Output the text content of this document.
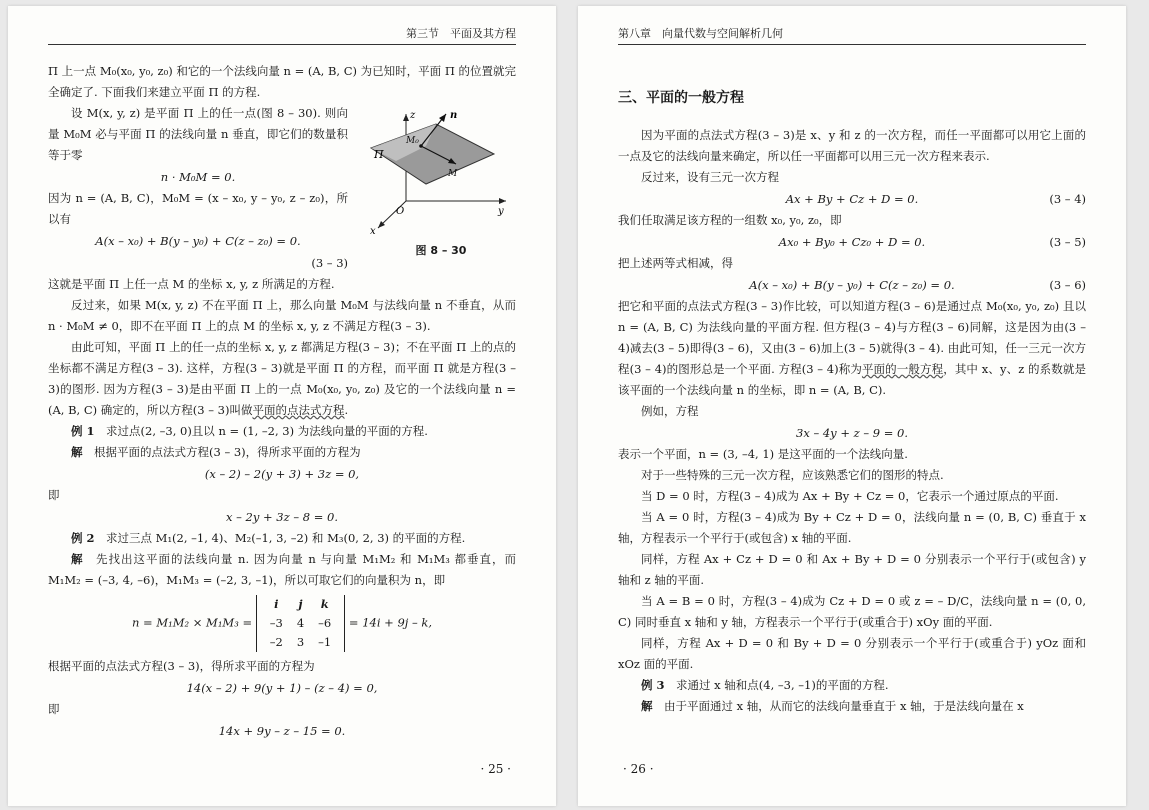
第三节　平面及其方程
z
y
x
O
Π
M₀
M
n
图 8 – 30

Π 上一点 M₀(x₀, y₀, z₀) 和它的一个法线向量 n = (A, B, C) 为已知时，平面 Π 的位置就完全确定了. 下面我们来建立平面 Π 的方程.

设 M(x, y, z) 是平面 Π 上的任一点(图 8 – 30). 则向量 M₀M 必与平面 Π 的法线向量 n 垂直，即它们的数量积等于零

n · M₀M = 0.

因为 n = (A, B, C)，M₀M = (x – x₀, y – y₀, z – z₀)，所以有

A(x – x₀) + B(y – y₀) + C(z – z₀) = 0.
(3 – 3)

这就是平面 Π 上任一点 M 的坐标 x, y, z 所满足的方程.

反过来，如果 M(x, y, z) 不在平面 Π 上，那么向量 M₀M 与法线向量 n 不垂直，从而 n · M₀M ≠ 0，即不在平面 Π 上的点 M 的坐标 x, y, z 不满足方程(3 – 3).

由此可知，平面 Π 上的任一点的坐标 x, y, z 都满足方程(3 – 3)；不在平面 Π 上的点的坐标都不满足方程(3 – 3). 这样，方程(3 – 3)就是平面 Π 的方程，而平面 Π 就是方程(3 – 3)的图形. 因为方程(3 – 3)是由平面 Π 上的一点 M₀(x₀, y₀, z₀) 及它的一个法线向量 n = (A, B, C) 确定的，所以方程(3 – 3)叫做平面的点法式方程.

例 1　 求过点(2, –3, 0)且以 n = (1, –2, 3) 为法线向量的平面的方程.

解　 根据平面的点法式方程(3 – 3)，得所求平面的方程为

(x – 2) – 2(y + 3) + 3z = 0,

即

x – 2y + 3z – 8 = 0.

例 2　 求过三点 M₁(2, –1, 4)、M₂(–1, 3, –2) 和 M₃(0, 2, 3) 的平面的方程.

解　 先找出这平面的法线向量 n. 因为向量 n 与向量 M₁M₂ 和 M₁M₃ 都垂直，而 M₁M₂ = (–3, 4, –6)，M₁M₃ = (–2, 3, –1)，所以可取它们的向量积为 n，即

n = M₁M₂ × M₁M₃ =
i	j	k
–3	4	–6
–2	3	–1
= 14i + 9j – k,

根据平面的点法式方程(3 – 3)，得所求平面的方程为

14(x – 2) + 9(y + 1) – (z – 4) = 0,

即

14x + 9y – z – 15 = 0.
· 25 ·
第八章　向量代数与空间解析几何
三、平面的一般方程

因为平面的点法式方程(3 – 3)是 x、y 和 z 的一次方程，而任一平面都可以用它上面的一点及它的法线向量来确定，所以任一平面都可以用三元一次方程来表示.

反过来，设有三元一次方程

Ax + By + Cz + D = 0.	(3 – 4)

我们任取满足该方程的一组数 x₀, y₀, z₀，即

Ax₀ + By₀ + Cz₀ + D = 0.	(3 – 5)

把上述两等式相减，得

A(x – x₀) + B(y – y₀) + C(z – z₀) = 0.	(3 – 6)

把它和平面的点法式方程(3 – 3)作比较，可以知道方程(3 – 6)是通过点 M₀(x₀, y₀, z₀) 且以 n = (A, B, C) 为法线向量的平面方程. 但方程(3 – 4)与方程(3 – 6)同解，这是因为由(3 – 4)减去(3 – 5)即得(3 – 6)，又由(3 – 6)加上(3 – 5)就得(3 – 4). 由此可知，任一三元一次方程(3 – 4)的图形总是一个平面. 方程(3 – 4)称为平面的一般方程，其中 x、y、z 的系数就是该平面的一个法线向量 n 的坐标，即 n = (A, B, C).

例如，方程

3x – 4y + z – 9 = 0.

表示一个平面，n = (3, –4, 1) 是这平面的一个法线向量.

对于一些特殊的三元一次方程，应该熟悉它们的图形的特点.

当 D = 0 时，方程(3 – 4)成为 Ax + By + Cz = 0，它表示一个通过原点的平面.

当 A = 0 时，方程(3 – 4)成为 By + Cz + D = 0，法线向量 n = (0, B, C) 垂直于 x 轴，方程表示一个平行于(或包含) x 轴的平面.

同样，方程 Ax + Cz + D = 0 和 Ax + By + D = 0 分别表示一个平行于(或包含) y 轴和 z 轴的平面.

当 A = B = 0 时，方程(3 – 4)成为 Cz + D = 0 或 z = – D/C，法线向量 n = (0, 0, C) 同时垂直 x 轴和 y 轴，方程表示一个平行于(或重合于) xOy 面的平面.

同样，方程 Ax + D = 0 和 By + D = 0 分别表示一个平行于(或重合于) yOz 面和 xOz 面的平面.

例 3　 求通过 x 轴和点(4, –3, –1)的平面的方程.

解　 由于平面通过 x 轴，从而它的法线向量垂直于 x 轴，于是法线向量在 x

· 26 ·
